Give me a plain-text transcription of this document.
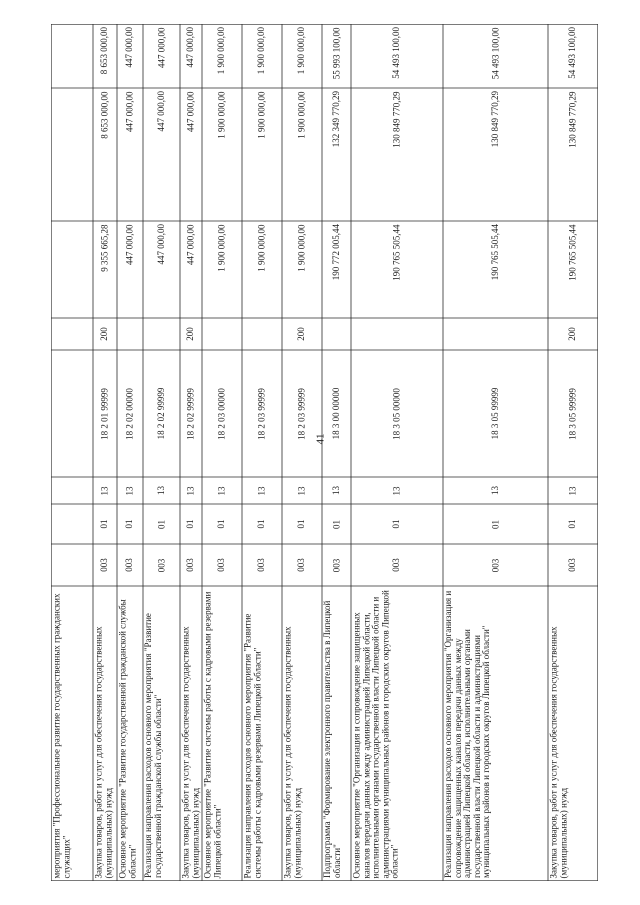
41
мероприятия "Профессиональное развитие государственных гражданских служащих" Закупка товаров, работ и услуг для обеспечения государственных (муниципальных) нужд
003
01
13
18 2 01 99999
200
9 355 665,28
8 653 000,00
8 653 000,00
Основное мероприятие "Развитие государственной гражданской службы области"
003
01
13
18 2 02 00000
447 000,00
447 000,00
447 000,00
Реализация направления расходов основного мероприятия "Развитие государственной гражданской службы области"
003
01
13
18 2 02 99999
447 000,00
447 000,00
447 000,00
Закупка товаров, работ и услуг для обеспечения государственных (муниципальных) нужд
003
01
13
18 2 02 99999
200
447 000,00
447 000,00
447 000,00
Основное мероприятие "Развитие системы работы с кадровыми резервами Липецкой области"
003
01
13
18 2 03 00000
1 900 000,00
1 900 000,00
1 900 000,00
Реализация направления расходов основного мероприятия "Развитие системы работы с кадровыми резервами Липецкой области"
003
01
13
18 2 03 99999
1 900 000,00
1 900 000,00
1 900 000,00
Закупка товаров, работ и услуг для обеспечения государственных (муниципальных) нужд
003
01
13
18 2 03 99999
200
1 900 000,00
1 900 000,00
1 900 000,00
Подпрограмма "Формирование электронного правительства в Липецкой области"
003
01
13
18 3 00 00000
190 772 005,44
132 349 770,29
55 993 100,00
Основное мероприятие "Организация и сопровождение защищенных каналов передачи данных между администрацией Липецкой области, исполнительными органами государственной власти Липецкой области и администрациями муниципальных районов и городских округов Липецкой области"
003
01
13
18 3 05 00000
190 765 505,44
130 849 770,29
54 493 100,00
Реализация направления расходов основного мероприятия "Организация и сопровождение защищенных каналов передачи данных между администрацией Липецкой области, исполнительными органами государственной власти Липецкой области и администрациями муниципальных районов и городских округов Липецкой области"
003
01
13
18 3 05 99999
190 765 505,44
130 849 770,29
54 493 100,00
Закупка товаров, работ и услуг для обеспечения государственных (муниципальных) нужд
003
01
13
18 3 05 99999
200
190 765 505,44
130 849 770,29
54 493 100,00
